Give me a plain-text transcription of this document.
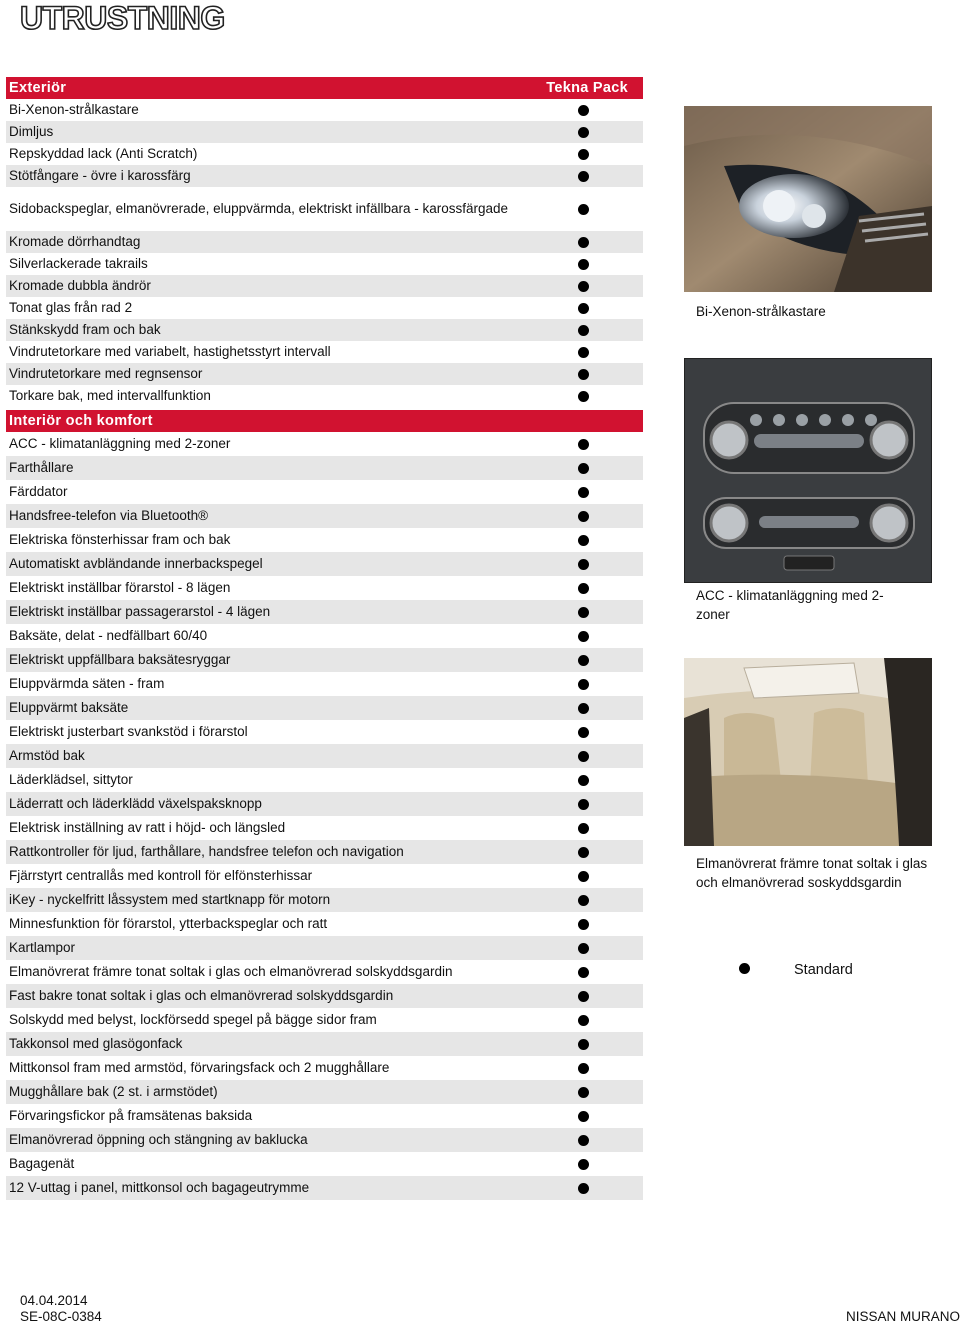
UTRUSTNING
Exteriör	Tekna Pack
Bi-Xenon-strålkastare
Dimljus
Repskyddad lack (Anti Scratch)
Stötfångare - övre i karossfärg
Sidobackspeglar, elmanövrerade, eluppvärmda, elektriskt infällbara - karossfärgade
Kromade dörrhandtag
Silverlackerade takrails
Kromade dubbla ändrör
Tonat glas från rad 2
Stänkskydd fram och bak
Vindrutetorkare med variabelt, hastighetsstyrt intervall
Vindrutetorkare med regnsensor
Torkare bak, med intervallfunktion
Interiör och komfort
ACC - klimatanläggning med 2-zoner
Farthållare
Färddator
Handsfree-telefon via Bluetooth®
Elektriska fönsterhissar fram och bak
Automatiskt avbländande innerbackspegel
Elektriskt inställbar förarstol - 8 lägen
Elektriskt inställbar passagerarstol - 4 lägen
Baksäte, delat - nedfällbart 60/40
Elektriskt uppfällbara baksätesryggar
Eluppvärmda säten - fram
Eluppvärmt baksäte
Elektriskt justerbart svankstöd i förarstol
Armstöd bak
Läderklädsel, sittytor
Läderratt och läderklädd växelspaksknopp
Elektrisk inställning av ratt i höjd- och längsled
Rattkontroller för ljud, farthållare, handsfree telefon och navigation
Fjärrstyrt centrallås med kontroll för elfönsterhissar
iKey - nyckelfritt låssystem med startknapp för motorn
Minnesfunktion för förarstol, ytterbackspeglar och ratt
Kartlampor
Elmanövrerat främre tonat soltak i glas och elmanövrerad solskyddsgardin
Fast bakre tonat soltak i glas och elmanövrerad solskyddsgardin
Solskydd med belyst, lockförsedd spegel på bägge sidor fram
Takkonsol med glasögonfack
Mittkonsol fram med armstöd, förvaringsfack och 2 mugghållare
Mugghållare bak (2 st. i armstödet)
Förvaringsfickor på framsätenas baksida
Elmanövrerad öppning och stängning av baklucka
Bagagenät
12 V-uttag i panel, mittkonsol och bagageutrymme
Bi-Xenon-strålkastare
ACC - klimatanläggning med 2-
zoner
Elmanövrerat främre tonat soltak i glas
och elmanövrerad soskyddsgardin
Standard
04.04.2014
SE-08C-0384	NISSAN MURANO
